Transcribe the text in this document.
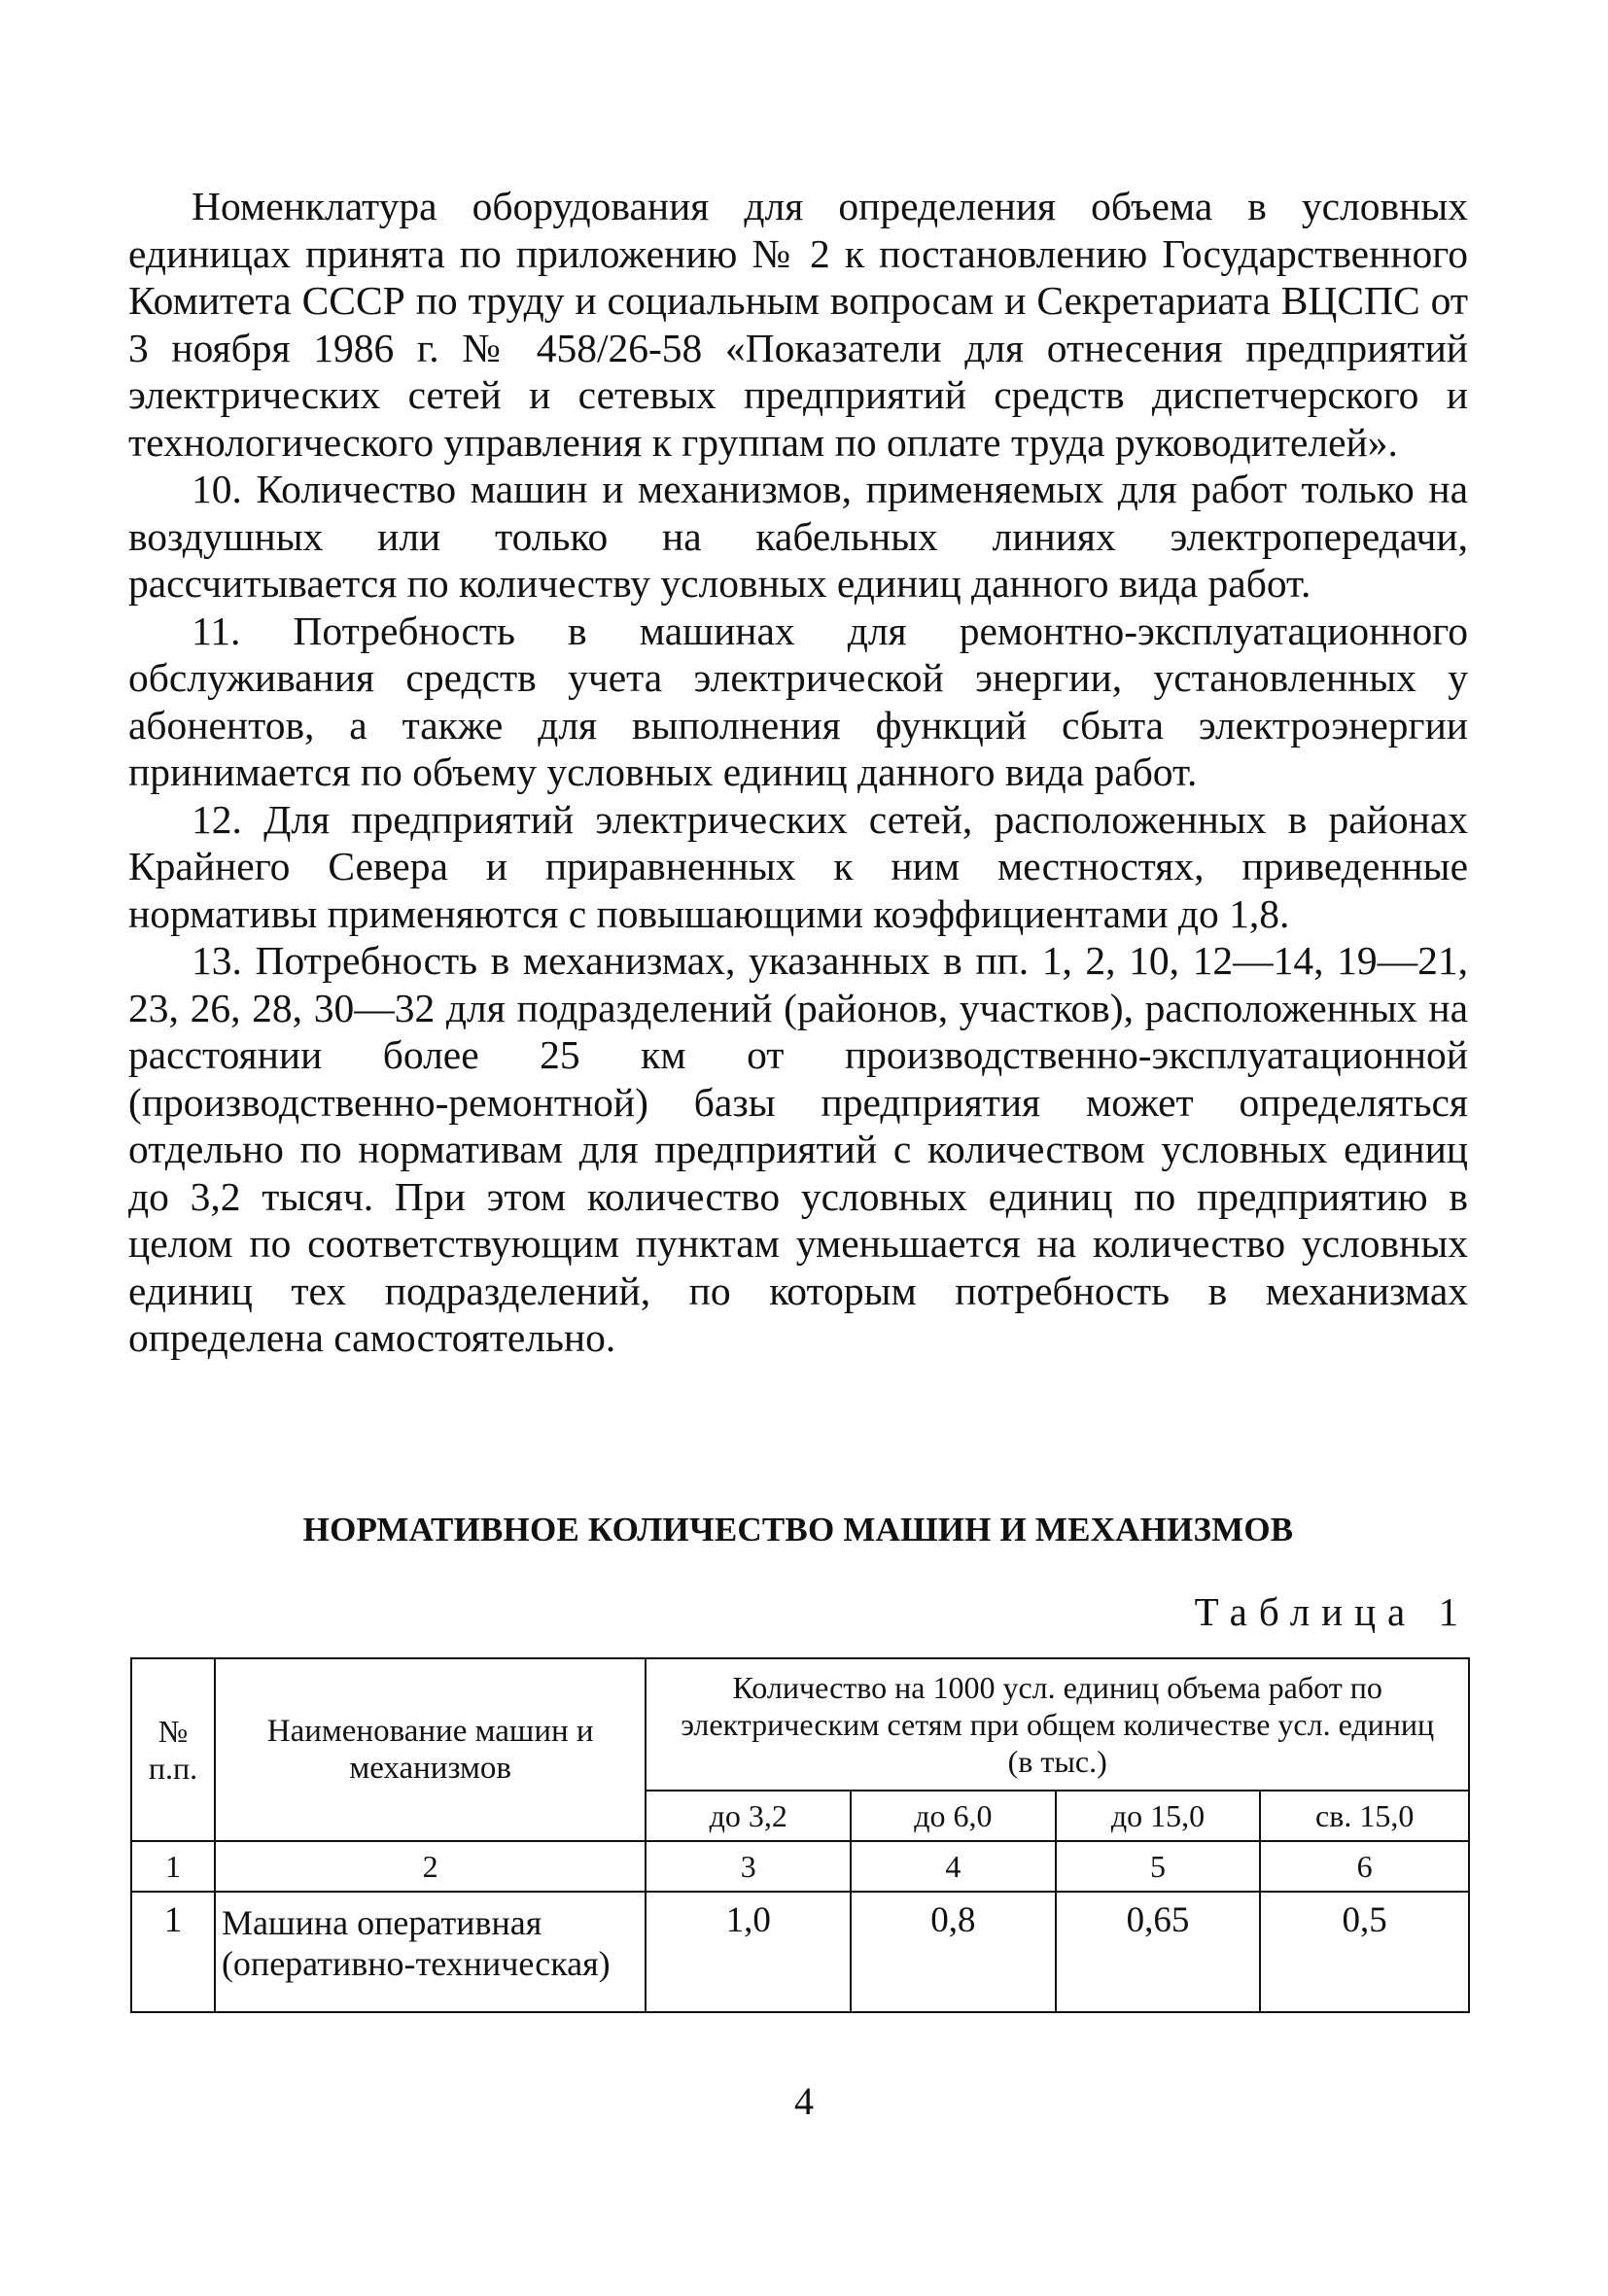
Номенклатура оборудования для определения объема в условных единицах принята по приложению № 2 к постановлению Государственного Комитета СССР по труду и социальным вопросам и Секретариата ВЦСПС от 3 ноября 1986 г. № 458/26-58 «Показатели для отнесения предприятий электрических сетей и сетевых предприятий средств диспетчерского и технологического управления к группам по оплате труда руководителей».

10. Количество машин и механизмов, применяемых для работ только на воздушных или только на кабельных линиях электропередачи, рассчитывается по количеству условных единиц данного вида работ.

11. Потребность в машинах для ремонтно-эксплуатационного обслуживания средств учета электрической энергии, установленных у абонентов, а также для выполнения функций сбыта электроэнергии принимается по объему условных единиц данного вида работ.

12. Для предприятий электрических сетей, расположенных в районах Крайнего Севера и приравненных к ним местностях, приведенные нормативы применяются с повышающими коэффициентами до 1,8.

13. Потребность в механизмах, указанных в пп. 1, 2, 10, 12—14, 19—21, 23, 26, 28, 30—32 для подразделений (районов, участков), расположенных на расстоянии более 25 км от производственно-эксплуатационной (производственно-ремонтной) базы предприятия может определяться отдельно по нормативам для предприятий с количеством условных единиц до 3,2 тысяч. При этом количество условных единиц по предприятию в целом по соответствующим пунктам уменьшается на количество условных единиц тех подразделений, по которым потребность в механизмах определена самостоятельно.

НОРМАТИВНОЕ КОЛИЧЕСТВО МАШИН И МЕХАНИЗМОВ
Таблица 1
№ п.п.	Наименование машин и механизмов	Количество на 1000 усл. единиц объема работ по электрическим сетям при общем количестве усл. единиц (в тыс.)			
		до 3,2	до 6,0	до 15,0	св. 15,0
1	2	3	4	5	6
1	Машина оперативная (оперативно-техническая)	1,0	0,8	0,65	0,5
4
